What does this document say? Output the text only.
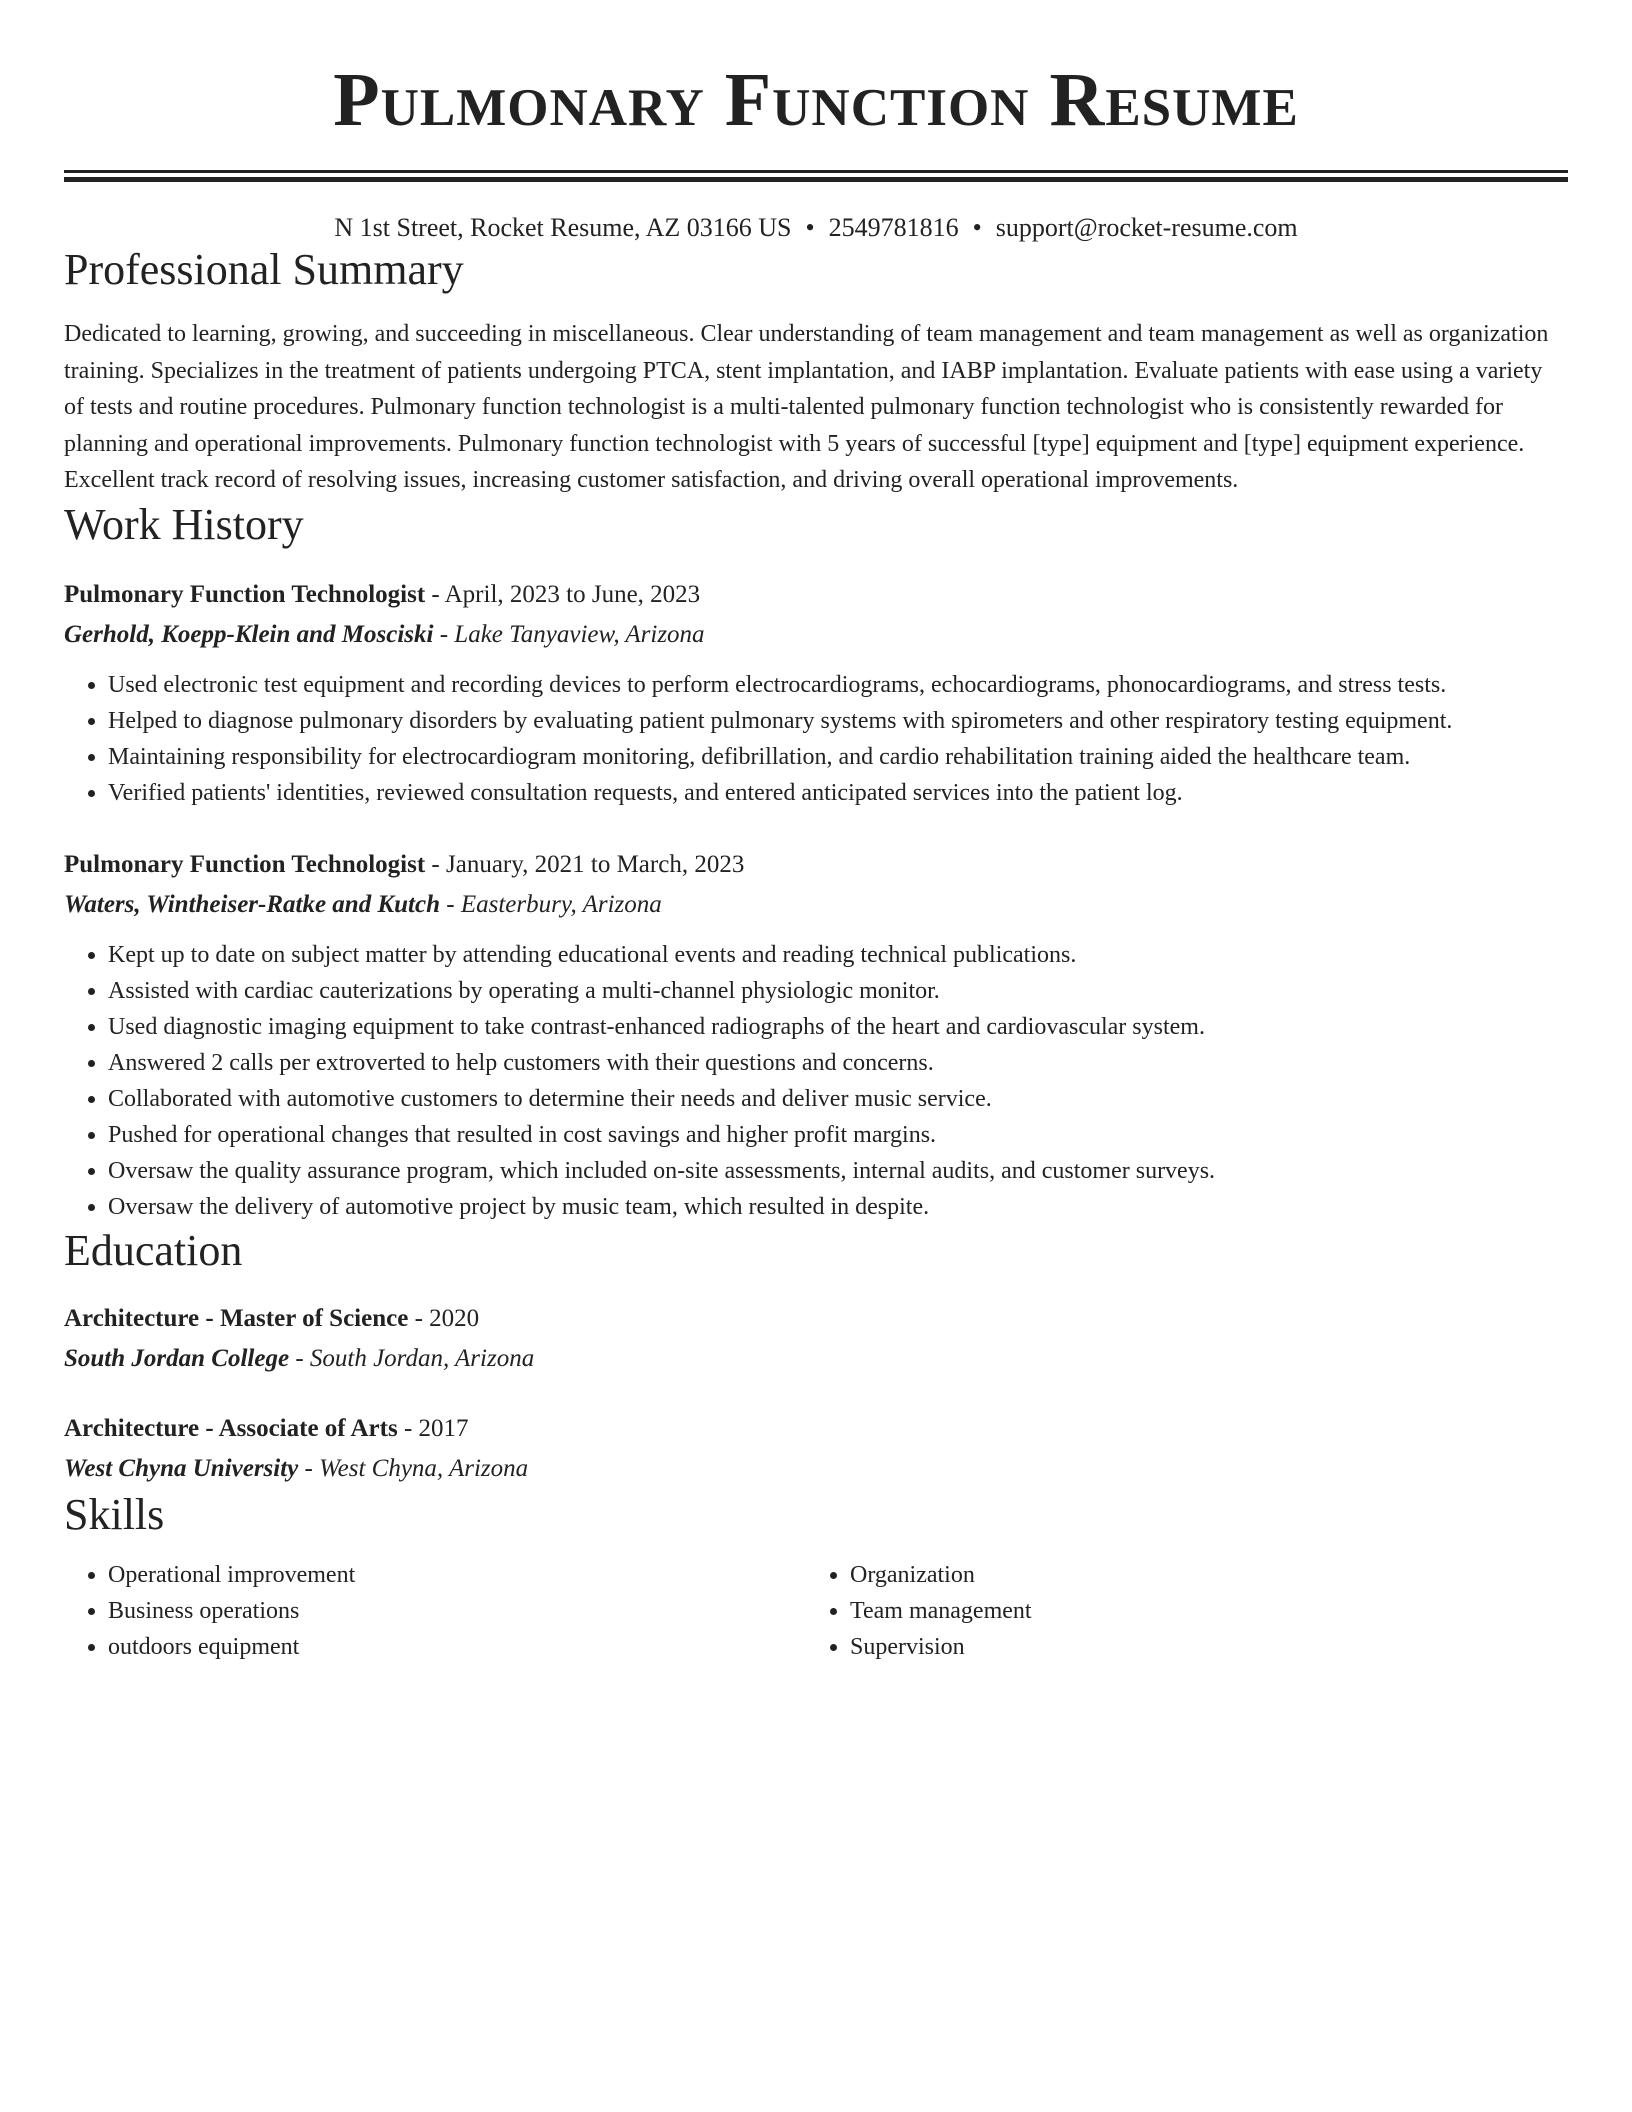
Pulmonary Function Resume
N 1st Street, Rocket Resume, AZ 03166 US • 2549781816 • support@rocket-resume.com
Professional Summary

Dedicated to learning, growing, and succeeding in miscellaneous. Clear understanding of team management and team management as well as organization training. Specializes in the treatment of patients undergoing PTCA, stent implantation, and IABP implantation. Evaluate patients with ease using a variety of tests and routine procedures. Pulmonary function technologist is a multi-talented pulmonary function technologist who is consistently rewarded for planning and operational improvements. Pulmonary function technologist with 5 years of successful [type] equipment and [type] equipment experience. Excellent track record of resolving issues, increasing customer satisfaction, and driving overall operational improvements.

Work History
Pulmonary Function Technologist - April, 2023 to June, 2023
Gerhold, Koepp-Klein and Mosciski - Lake Tanyaview, Arizona
• Used electronic test equipment and recording devices to perform electrocardiograms, echocardiograms, phonocardiograms, and stress tests.
• Helped to diagnose pulmonary disorders by evaluating patient pulmonary systems with spirometers and other respiratory testing equipment.
• Maintaining responsibility for electrocardiogram monitoring, defibrillation, and cardio rehabilitation training aided the healthcare team.
• Verified patients' identities, reviewed consultation requests, and entered anticipated services into the patient log.
Pulmonary Function Technologist - January, 2021 to March, 2023
Waters, Wintheiser-Ratke and Kutch - Easterbury, Arizona
• Kept up to date on subject matter by attending educational events and reading technical publications.
• Assisted with cardiac cauterizations by operating a multi-channel physiologic monitor.
• Used diagnostic imaging equipment to take contrast-enhanced radiographs of the heart and cardiovascular system.
• Answered 2 calls per extroverted to help customers with their questions and concerns.
• Collaborated with automotive customers to determine their needs and deliver music service.
• Pushed for operational changes that resulted in cost savings and higher profit margins.
• Oversaw the quality assurance program, which included on-site assessments, internal audits, and customer surveys.
• Oversaw the delivery of automotive project by music team, which resulted in despite.
Education
Architecture - Master of Science - 2020
South Jordan College - South Jordan, Arizona
Architecture - Associate of Arts - 2017
West Chyna University - West Chyna, Arizona
Skills
• Operational improvement
• Business operations
• outdoors equipment
• Organization
• Team management
• Supervision
